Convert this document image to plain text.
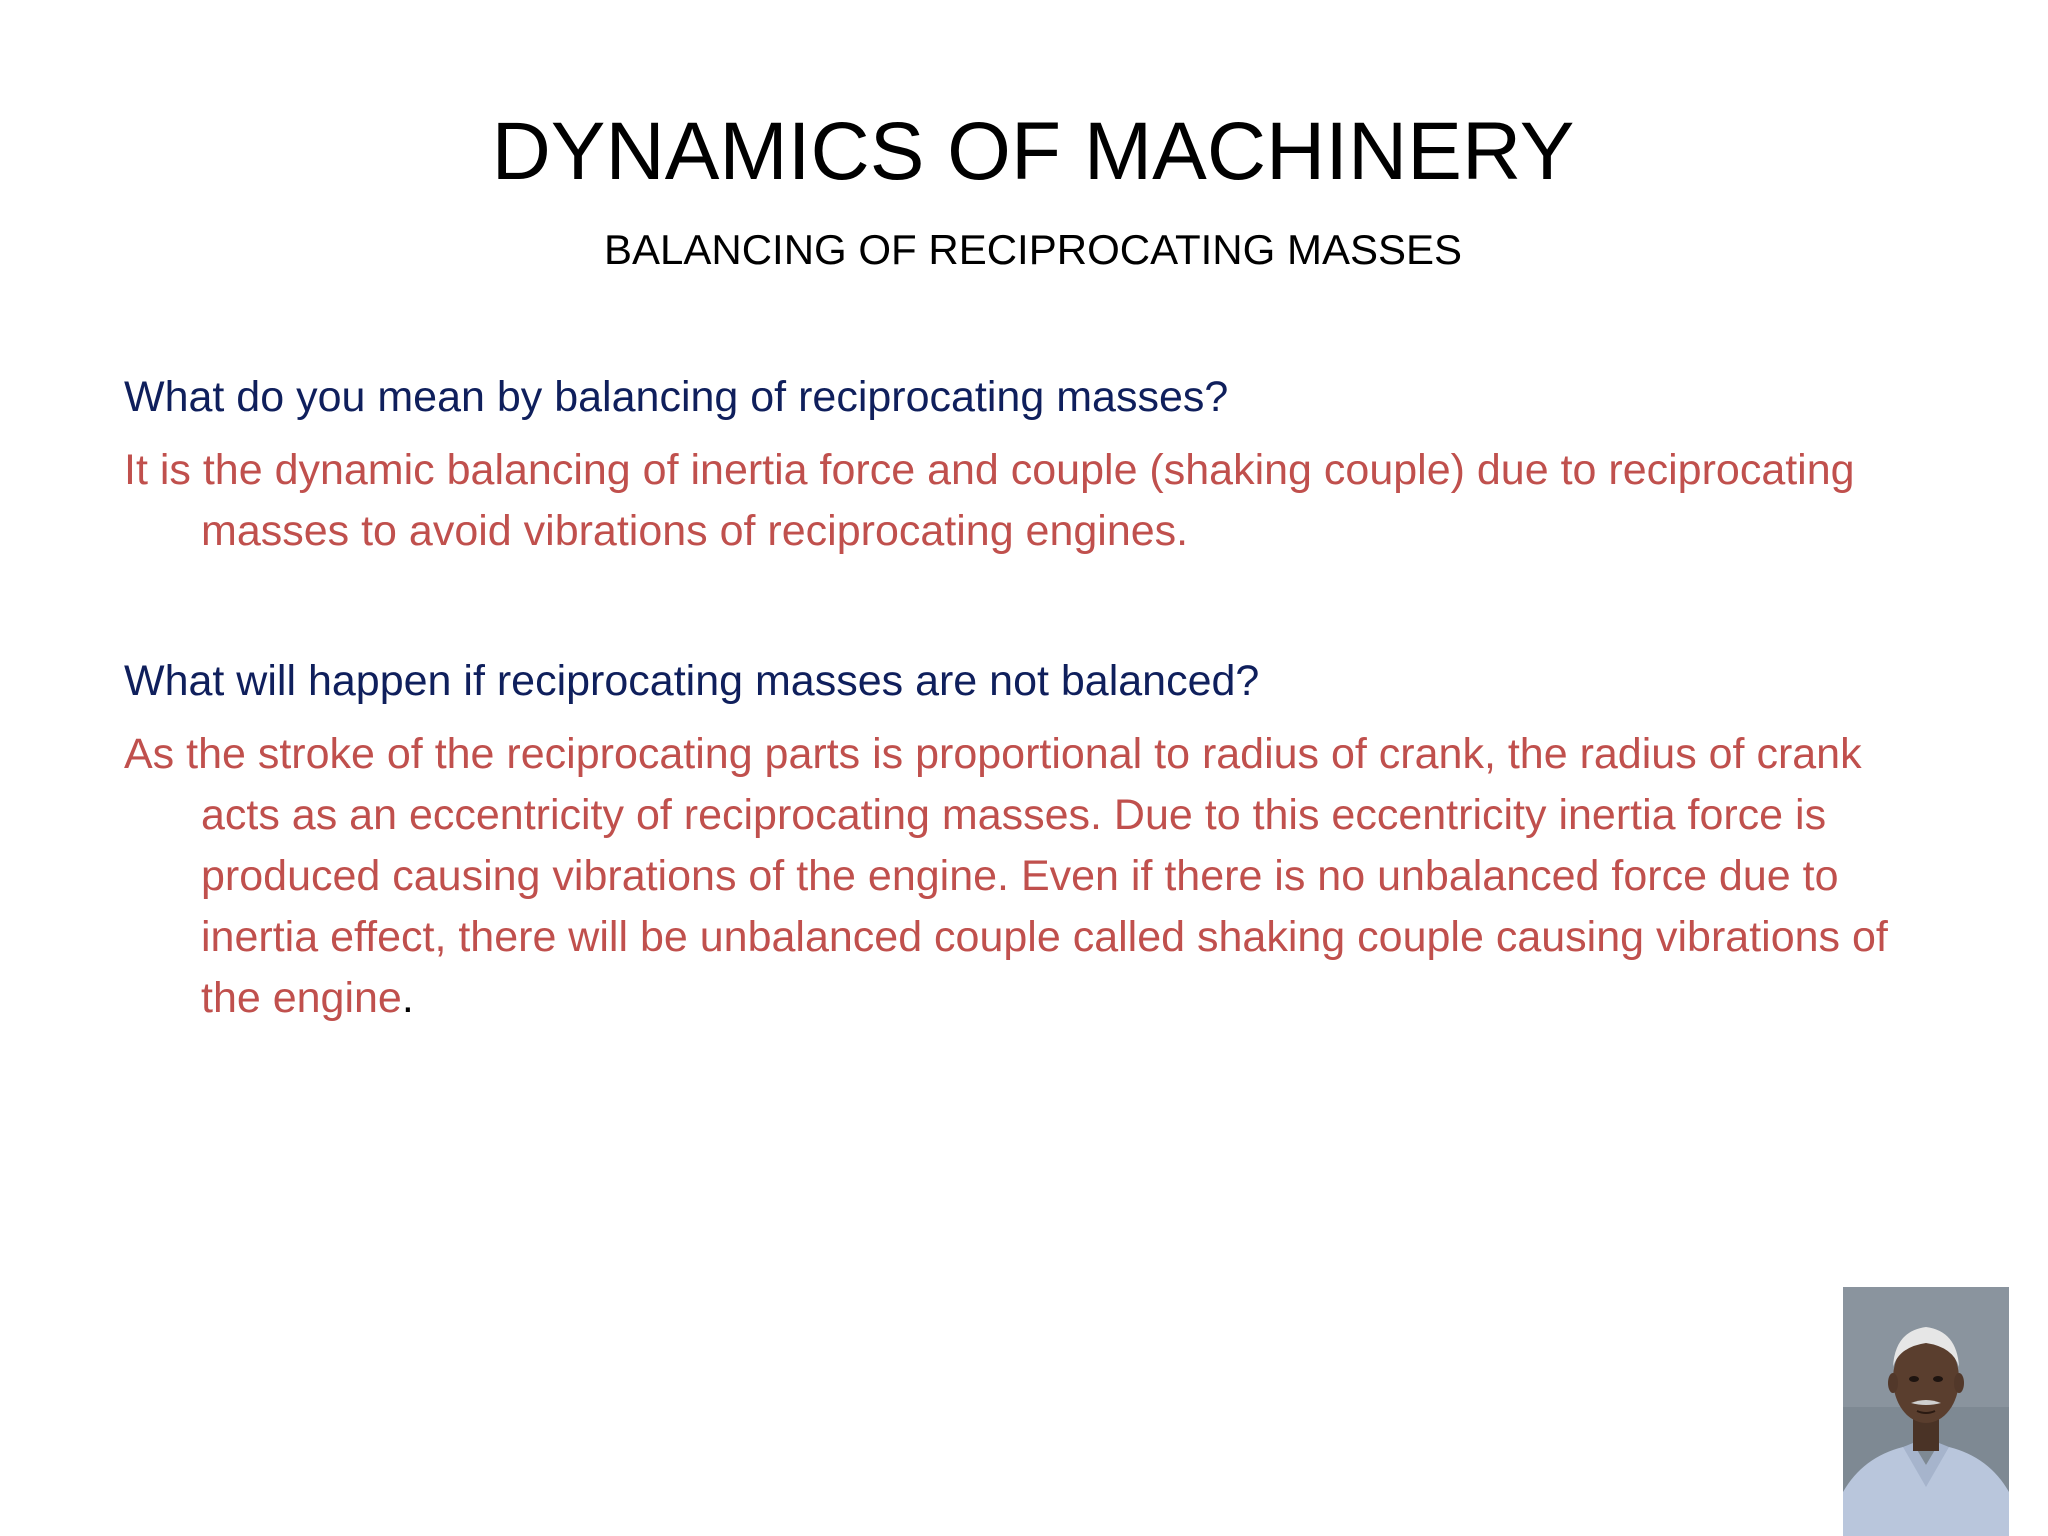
DYNAMICS OF MACHINERY
BALANCING OF RECIPROCATING MASSES

What do you mean by balancing of reciprocating masses?

It is the dynamic balancing of inertia force and couple (shaking couple) due to reciprocating masses to avoid vibrations of reciprocating engines.

What will happen if reciprocating masses are not balanced?

As the stroke of the reciprocating parts is proportional to radius of crank, the radius of crank acts as an eccentricity of reciprocating masses. Due to this eccentricity inertia force is produced causing vibrations of the engine. Even if there is no unbalanced force due to inertia effect, there will be unbalanced couple called shaking couple causing vibrations of the engine.
